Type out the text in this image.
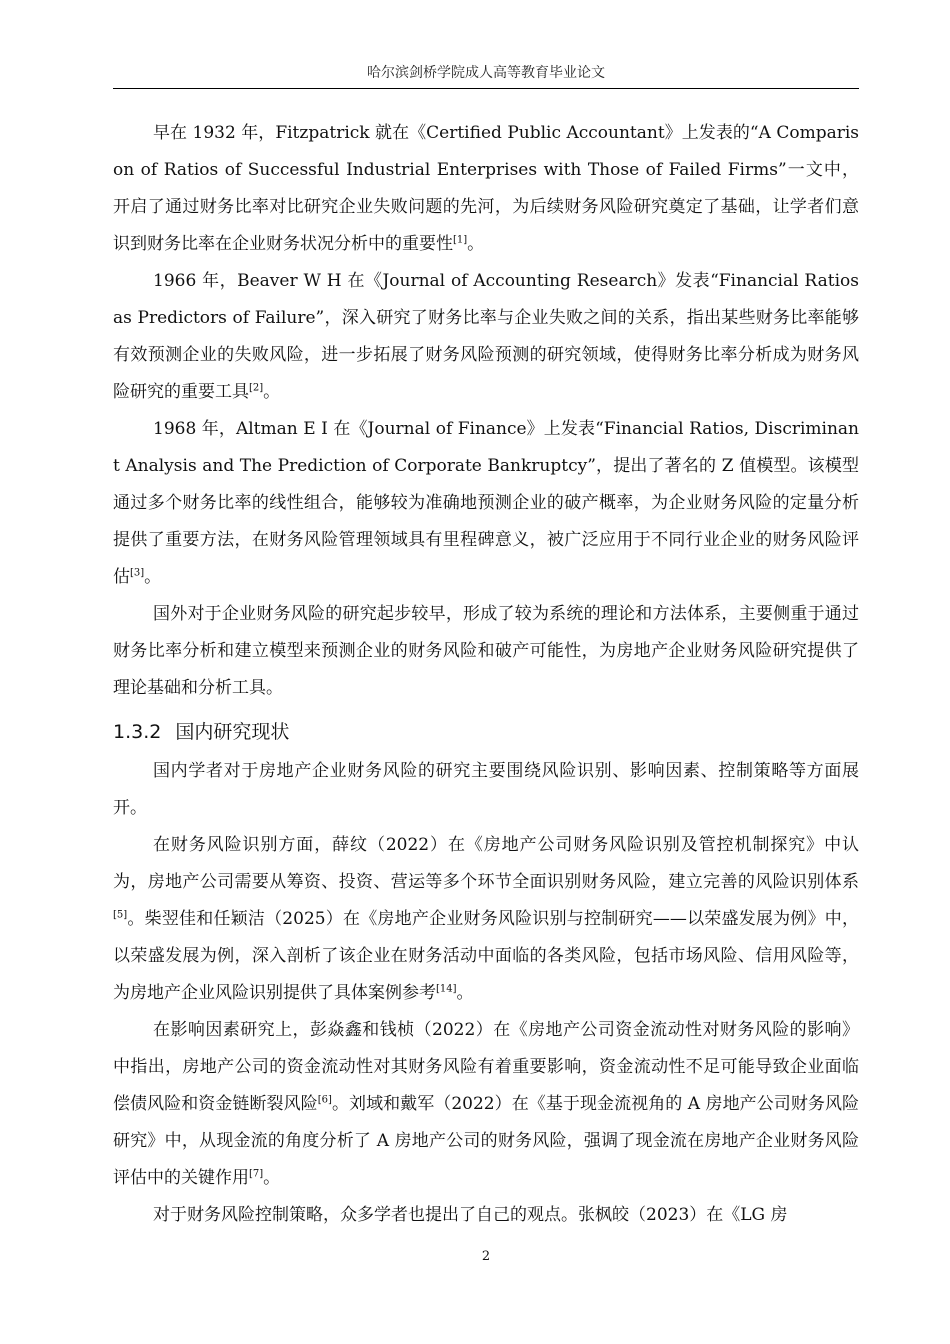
哈尔滨剑桥学院成人高等教育毕业论文

早在 1932 年，Fitzpatrick 就在《Certified Public Accountant》上发表的“A Comparison of Ratios of Successful Industrial Enterprises with Those of Failed Firms”一文中，开启了通过财务比率对比研究企业失败问题的先河，为后续财务风险研究奠定了基础，让学者们意识到财务比率在企业财务状况分析中的重要性[1]。

1966 年，Beaver W H 在《Journal of Accounting Research》发表“Financial Ratios as Predictors of Failure”，深入研究了财务比率与企业失败之间的关系，指出某些财务比率能够有效预测企业的失败风险，进一步拓展了财务风险预测的研究领域，使得财务比率分析成为财务风险研究的重要工具[2]。

1968 年，Altman E I 在《Journal of Finance》上发表“Financial Ratios, Discriminant Analysis and The Prediction of Corporate Bankruptcy”，提出了著名的 Z 值模型。该模型通过多个财务比率的线性组合，能够较为准确地预测企业的破产概率，为企业财务风险的定量分析提供了重要方法，在财务风险管理领域具有里程碑意义，被广泛应用于不同行业企业的财务风险评估[3]。

国外对于企业财务风险的研究起步较早，形成了较为系统的理论和方法体系，主要侧重于通过财务比率分析和建立模型来预测企业的财务风险和破产可能性，为房地产企业财务风险研究提供了理论基础和分析工具。

1.3.2 国内研究现状

国内学者对于房地产企业财务风险的研究主要围绕风险识别、影响因素、控制策略等方面展开。

在财务风险识别方面，薛纹（2022）在《房地产公司财务风险识别及管控机制探究》中认为，房地产公司需要从筹资、投资、营运等多个环节全面识别财务风险，建立完善的风险识别体系[5]。柴翌佳和任颖洁（2025）在《房地产企业财务风险识别与控制研究——以荣盛发展为例》中，以荣盛发展为例，深入剖析了该企业在财务活动中面临的各类风险，包括市场风险、信用风险等，为房地产企业风险识别提供了具体案例参考[14]。

在影响因素研究上，彭焱鑫和钱桢（2022）在《房地产公司资金流动性对财务风险的影响》中指出，房地产公司的资金流动性对其财务风险有着重要影响，资金流动性不足可能导致企业面临偿债风险和资金链断裂风险[6]。刘域和戴军（2022）在《基于现金流视角的 A 房地产公司财务风险研究》中，从现金流的角度分析了 A 房地产公司的财务风险，强调了现金流在房地产企业财务风险评估中的关键作用[7]。

对于财务风险控制策略，众多学者也提出了自己的观点。张枫皎（2023）在《LG 房

2
